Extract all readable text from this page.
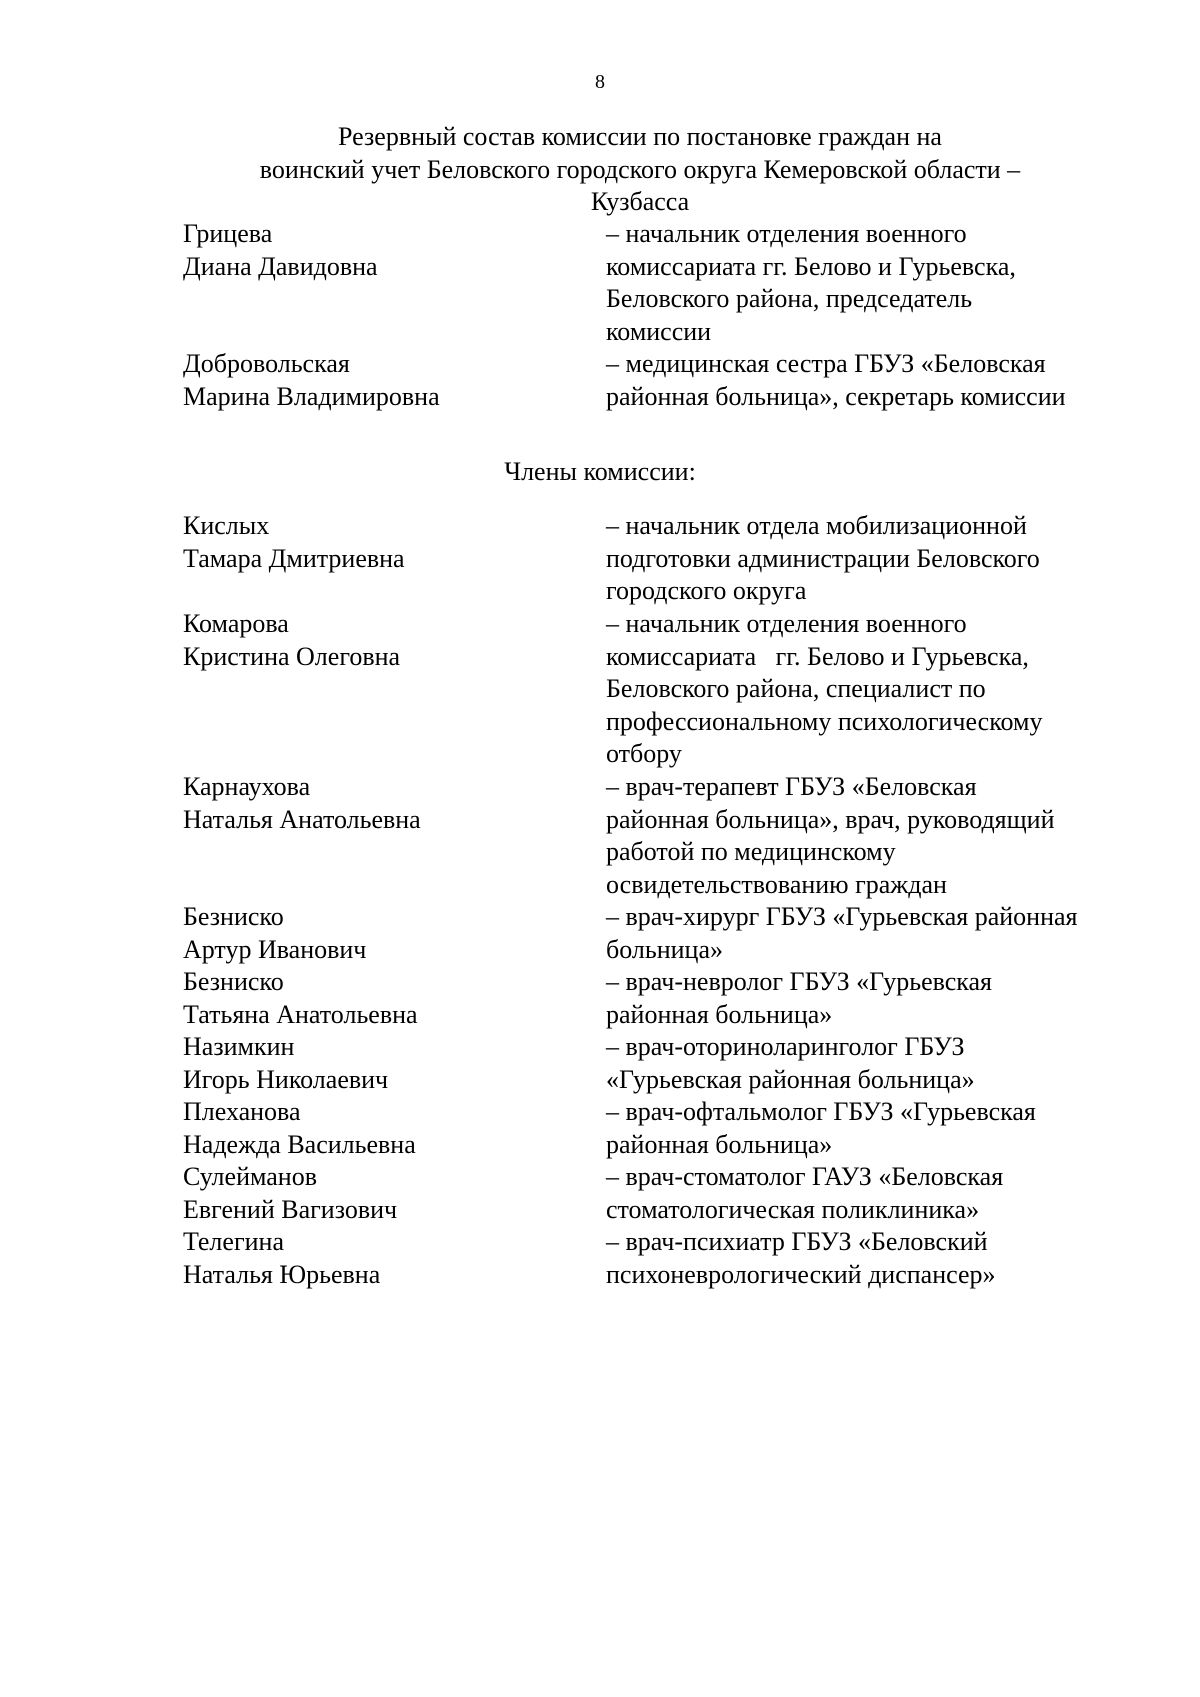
8
Резервный состав комиссии по постановке граждан на
воинский учет Беловского городского округа Кемеровской области –
Кузбасса
Грицева
Диана Давидовна
– начальник отделения военного
комиссариата гг. Белово и Гурьевска,
Беловского района, председатель
комиссии
Добровольская
Марина Владимировна
– медицинская сестра ГБУЗ «Беловская
районная больница», секретарь комиссии
Члены комиссии:
Кислых
Тамара Дмитриевна
– начальник отдела мобилизационной
подготовки администрации Беловского
городского округа
Комарова
Кристина Олеговна
– начальник отделения военного
комиссариата   гг. Белово и Гурьевска,
Беловского района, специалист по
профессиональному психологическому
отбору
Карнаухова
Наталья Анатольевна
– врач-терапевт ГБУЗ «Беловская
районная больница», врач, руководящий
работой по медицинскому
освидетельствованию граждан
Безниско
Артур Иванович
– врач-хирург ГБУЗ «Гурьевская районная
больница»
Безниско
Татьяна Анатольевна
– врач-невролог ГБУЗ «Гурьевская
районная больница»
Назимкин
Игорь Николаевич
– врач-оториноларинголог ГБУЗ
«Гурьевская районная больница»
Плеханова
Надежда Васильевна
– врач-офтальмолог ГБУЗ «Гурьевская
районная больница»
Сулейманов
Евгений Вагизович
– врач-стоматолог ГАУЗ «Беловская
стоматологическая поликлиника»
Телегина
Наталья Юрьевна
– врач-психиатр ГБУЗ «Беловский
психоневрологический диспансер»
